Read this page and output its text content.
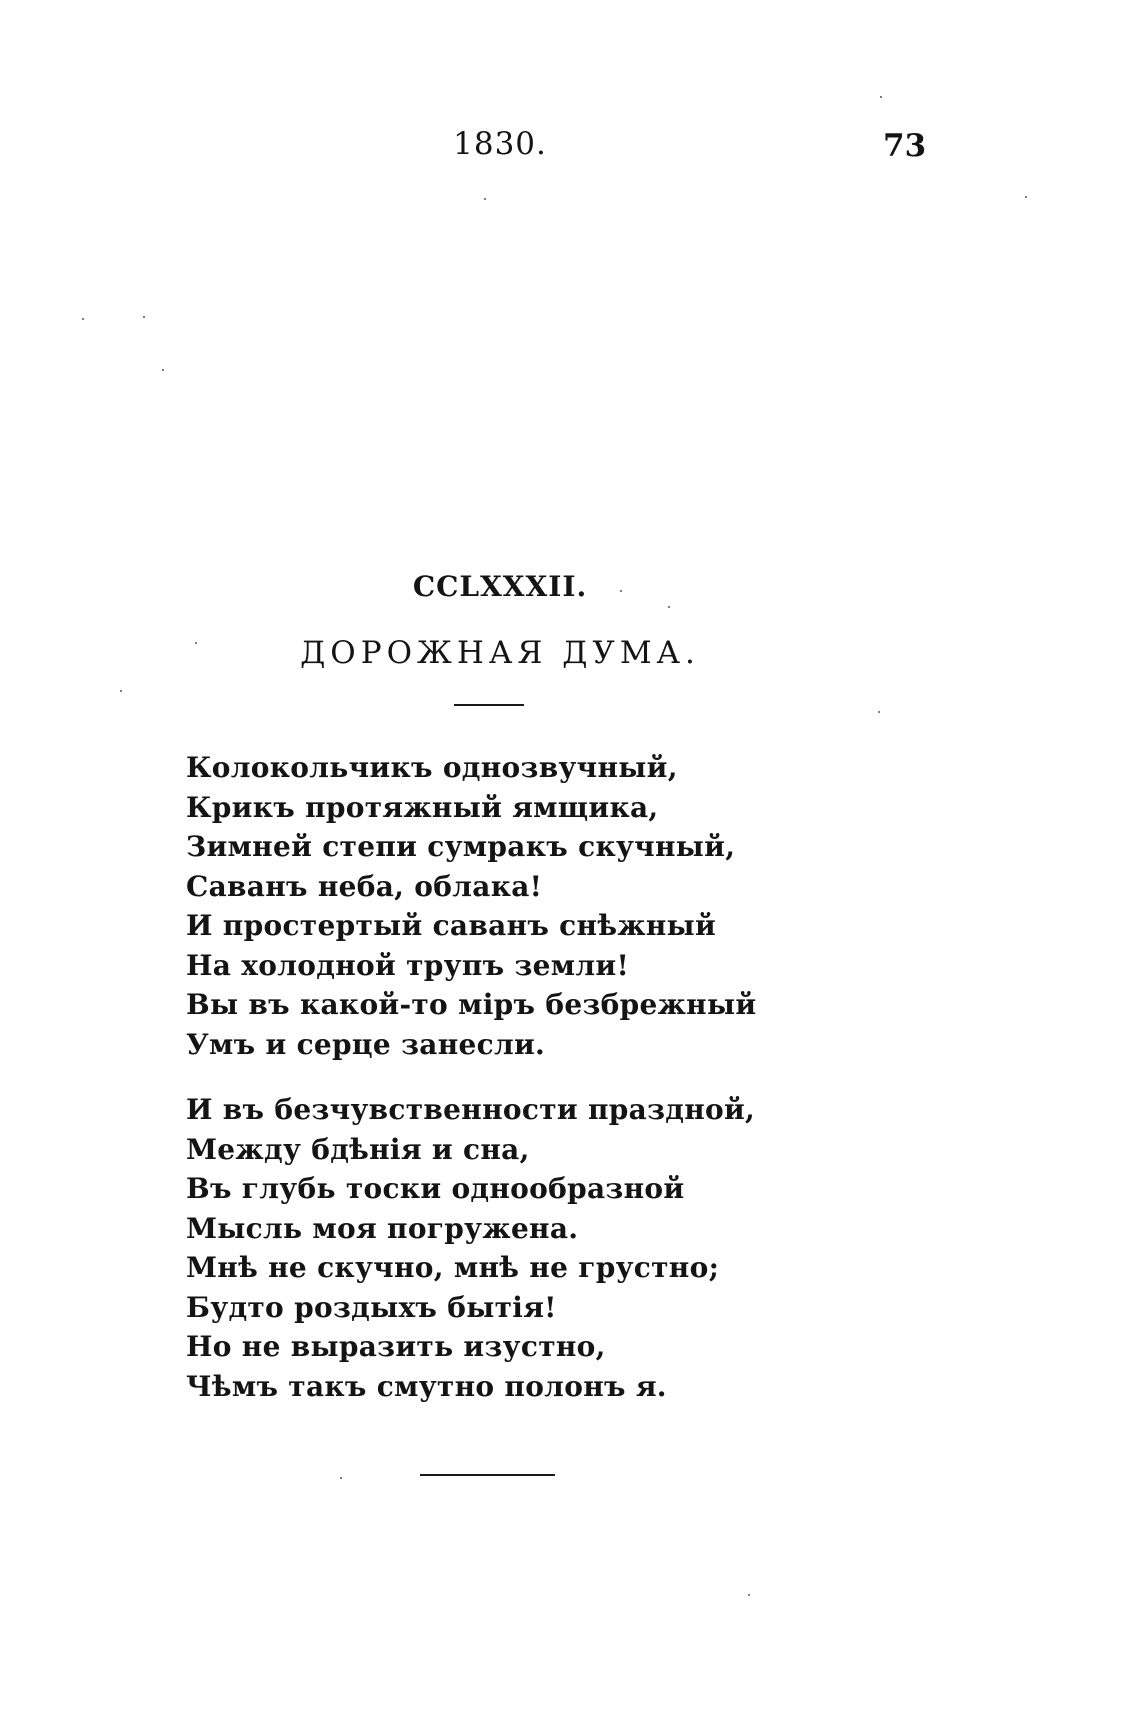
1830.	73
CCLXXXII.
ДОРОЖНАЯ ДУМА.
Колокольчикъ однозвучный,
Крикъ протяжный ямщика,
Зимней степи сумракъ скучный,
Саванъ неба, облака!
И простертый саванъ снѣжный
На холодной трупъ земли!
Вы въ какой-то міръ безбрежный
Умъ и серце занесли.
И въ безчувственности праздной,
Между бдѣнія и сна,
Въ глубь тоски однообразной
Мысль моя погружена.
Мнѣ не скучно, мнѣ не грустно;
Будто роздыхъ бытія!
Но не выразить изустно,
Чѣмъ такъ смутно полонъ я.
